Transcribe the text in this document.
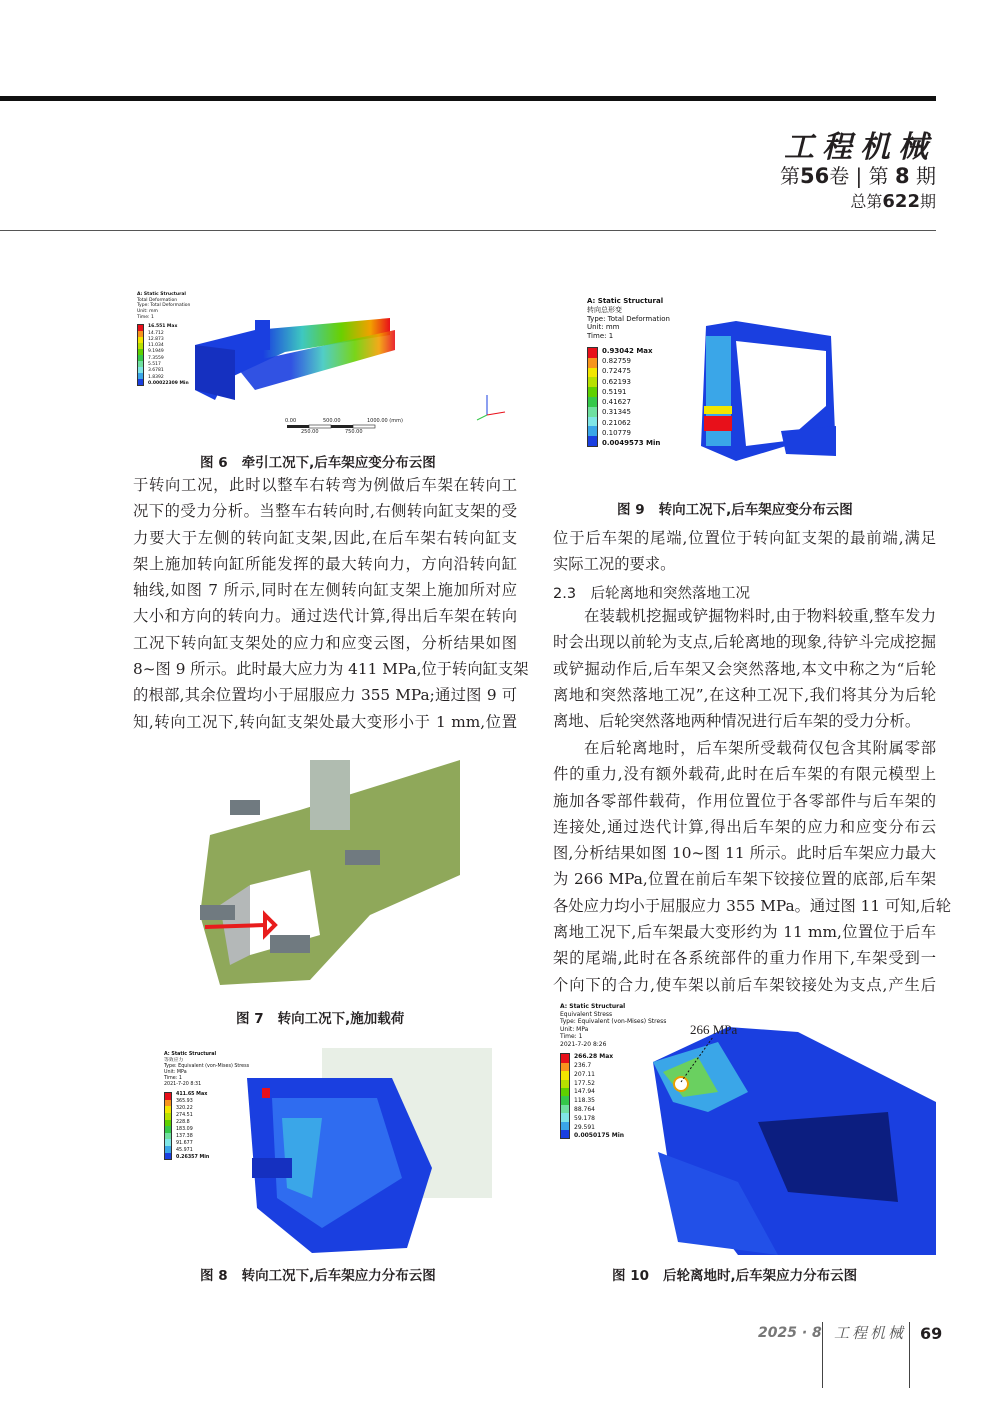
工程机械
第56卷 | 第 8 期
总第622期
A: Static Structural
Total Deformation
Type: Total Deformation
Unit: mm
Time: 1
16.551 Max
14.712
12.873
11.034
9.1949
7.3559
5.517
3.6781
1.8392
0.00022309 Min
0.00	500.00	1000.00 (mm)
250.00	750.00
图 6 牵引工况下,后车架应变分布云图
于转向工况，此时以整车右转弯为例做后车架在转向工
况下的受力分析。当整车右转向时,右侧转向缸支架的受
力要大于左侧的转向缸支架,因此,在后车架右转向缸支
架上施加转向缸所能发挥的最大转向力，方向沿转向缸
轴线,如图 7 所示,同时在左侧转向缸支架上施加所对应
大小和方向的转向力。通过迭代计算,得出后车架在转向
工况下转向缸支架处的应力和应变云图，分析结果如图
8~图 9 所示。此时最大应力为 411 MPa,位于转向缸支架
的根部,其余位置均小于屈服应力 355 MPa;通过图 9 可
知,转向工况下,转向缸支架处最大变形小于 1 mm,位置
图 7 转向工况下,施加载荷
A: Static Structural
等效应力
Type: Equivalent (von-Mises) Stress
Unit: MPa
Time: 1
2021-7-20 8:31
411.65 Max
365.93
320.22
274.51
228.8
183.09
137.38
91.677
45.971
0.26357 Min
图 8 转向工况下,后车架应力分布云图
A: Static Structural
转向总形变
Type: Total Deformation
Unit: mm
Time: 1
0.93042 Max
0.82759
0.72475
0.62193
0.5191
0.41627
0.31345
0.21062
0.10779
0.0049573 Min
图 9 转向工况下,后车架应变分布云图
位于后车架的尾端,位置位于转向缸支架的最前端,满足
实际工况的要求。
2.3　后轮离地和突然落地工况
在装载机挖掘或铲掘物料时,由于物料较重,整车发力
时会出现以前轮为支点,后轮离地的现象,待铲斗完成挖掘
或铲掘动作后,后车架又会突然落地,本文中称之为“后轮
离地和突然落地工况”,在这种工况下,我们将其分为后轮
离地、后轮突然落地两种情况进行后车架的受力分析。
在后轮离地时，后车架所受载荷仅包含其附属零部
件的重力,没有额外载荷,此时在后车架的有限元模型上
施加各零部件载荷，作用位置位于各零部件与后车架的
连接处,通过迭代计算,得出后车架的应力和应变分布云
图,分析结果如图 10~图 11 所示。此时后车架应力最大
为 266 MPa,位置在前后车架下铰接位置的底部,后车架
各处应力均小于屈服应力 355 MPa。通过图 11 可知,后轮
离地工况下,后车架最大变形约为 11 mm,位置位于后车
架的尾端,此时在各系统部件的重力作用下,车架受到一
个向下的合力,使车架以前后车架铰接处为支点,产生后
266 MPa
A: Static Structural
Equivalent Stress
Type: Equivalent (von-Mises) Stress
Unit: MPa
Time: 1
2021-7-20 8:26
266.28 Max
236.7
207.11
177.52
147.94
118.35
88.764
59.178
29.591
0.0050175 Min
图 10 后轮离地时,后车架应力分布云图
2025 · 8 工程机械 69
